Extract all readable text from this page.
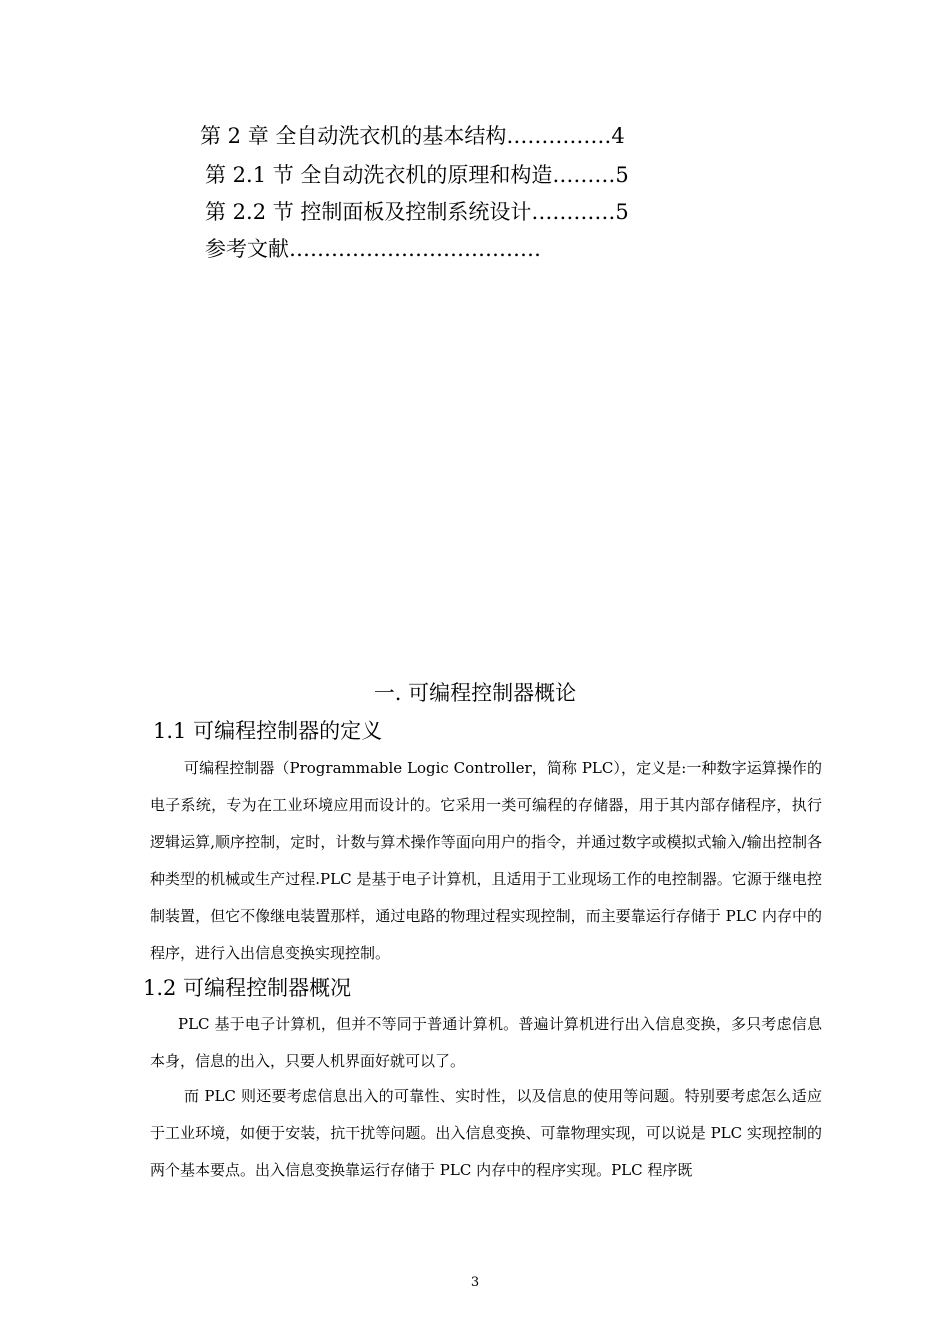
第 2 章 全自动洗衣机的基本结构……………4
第 2.1 节 全自动洗衣机的原理和构造………5
第 2.2 节 控制面板及控制系统设计…………5
参考文献………………………………
一. 可编程控制器概论
1.1 可编程控制器的定义

可编程控制器（Programmable Logic Controller，简称 PLC），定义是:一种数字运算操作的电子系统，专为在工业环境应用而设计的。它采用一类可编程的存储器，用于其内部存储程序，执行逻辑运算,顺序控制，定时，计数与算术操作等面向用户的指令，并通过数字或模拟式输入/输出控制各种类型的机械或生产过程.PLC 是基于电子计算机，且适用于工业现场工作的电控制器。它源于继电控制装置，但它不像继电装置那样，通过电路的物理过程实现控制，而主要靠运行存储于 PLC 内存中的程序，进行入出信息变换实现控制。

1.2 可编程控制器概况

PLC 基于电子计算机，但并不等同于普通计算机。普遍计算机进行出入信息变换，多只考虑信息本身，信息的出入，只要人机界面好就可以了。

而 PLC 则还要考虑信息出入的可靠性、实时性，以及信息的使用等问题。特别要考虑怎么适应于工业环境，如便于安装，抗干扰等问题。出入信息变换、可靠物理实现，可以说是 PLC 实现控制的两个基本要点。出入信息变换靠运行存储于 PLC 内存中的程序实现。PLC 程序既

3
